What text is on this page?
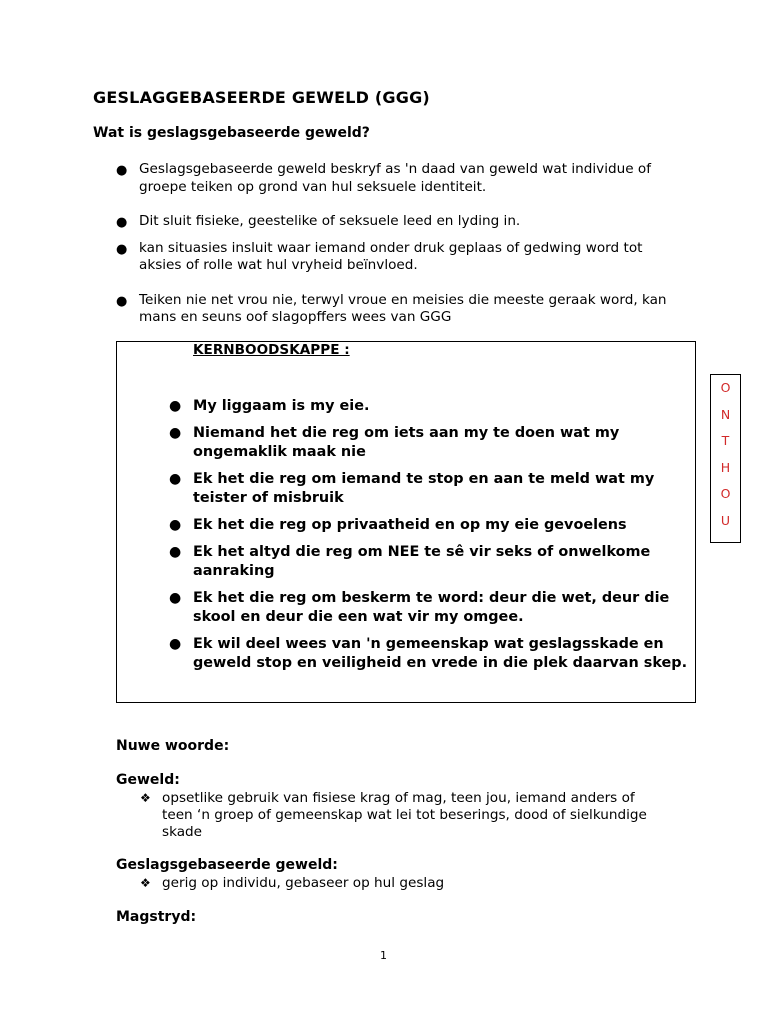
GESLAGGEBASEERDE GEWELD (GGG)
Wat is geslagsgebaseerde geweld?
● Geslagsgebaseerde geweld beskryf as 'n daad van geweld wat individue of groepe teiken op grond van hul seksuele identiteit.
● Dit sluit fisieke, geestelike of seksuele leed en lyding in.
● kan situasies insluit waar iemand onder druk geplaas of gedwing word tot aksies of rolle wat hul vryheid beïnvloed.
● Teiken nie net vrou nie, terwyl vroue en meisies die meeste geraak word, kan mans en seuns oof slagopffers wees van GGG
KERNBOODSKAPPE :
● My liggaam is my eie.
● Niemand het die reg om iets aan my te doen wat my ongemaklik maak nie
● Ek het die reg om iemand te stop en aan te meld wat my teister of misbruik
● Ek het die reg op privaatheid en op my eie gevoelens
● Ek het altyd die reg om NEE te sê vir seks of onwelkome aanraking
● Ek het die reg om beskerm te word: deur die wet, deur die skool en deur die een wat vir my omgee.
● Ek wil deel wees van 'n gemeenskap wat geslagsskade en geweld stop en veiligheid en vrede in die plek daarvan skep.
O
N
T
H
O
U
Nuwe woorde:
Geweld:
❖ opsetlike gebruik van fisiese krag of mag, teen jou, iemand anders of teen ‘n groep of gemeenskap wat lei tot beserings, dood of sielkundige skade
Geslagsgebaseerde geweld:
❖ gerig op individu, gebaseer op hul geslag
Magstryd:
1
